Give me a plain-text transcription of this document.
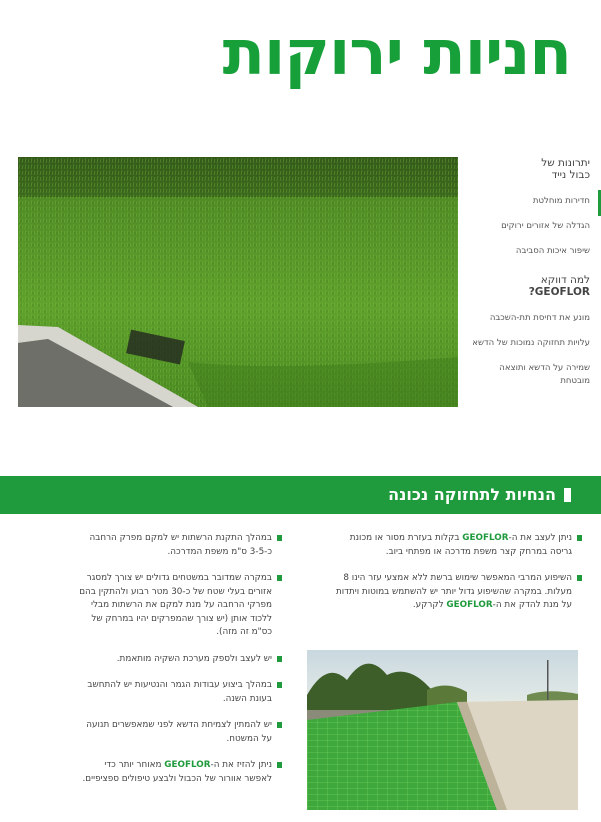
חניות ירוקות
יתרונות של
כבול נייד
חדירות מוחלטת
הגדלה של אזורים ירוקים
שיפור איכות הסביבה
למה דווקא
GEOFLOR?
מונע את דחיסת תת-השכבה
עלויות תחזוקה נמוכות של הדשא
שמירה על הדשא ותוצאה מובטחת
הנחיות לתחזוקה נכונה
ניתן לעצב את ה-GEOFLOR בקלות בעזרת מסור או מכונת גריסה במרחק קצר משפת מדרכה או מפתחי ביוב.
השיפוע המרבי המאפשר שימוש ברשת ללא אמצעי עזר הינו 8 מעלות. במקרה שהשיפוע גדול יותר יש להשתמש במוטות ויתדות על מנת להדק את ה-GEOFLOR לקרקע.
במהלך התקנת הרשתות יש למקם מפרק הרחבה כ-3-5 ס"מ משפת המדרכה.
במקרה שמדובר במשטחים גדולים יש צורך למסגר אזורים בעלי שטח של כ-30 מטר רבוע ולהתקין בהם מפרקי הרחבה על מנת למקם את הרשתות מבלי ללכוד אותן (יש צורך שהמפרקים יהיו במרחק של כס"מ זה מזה).
יש לעצב ולספק מערכת השקיה מותאמת.
במהלך ביצוע עבודות הגמר והנטיעות יש להתחשב בעונת השנה.
יש להמתין לצמיחת הדשא לפני שמאפשרים תנועה על המשטח.
ניתן להזיז את ה-GEOFLOR מאוחר יותר כדי לאפשר אוורור של הכבול ולבצע טיפולים ספציפיים.
